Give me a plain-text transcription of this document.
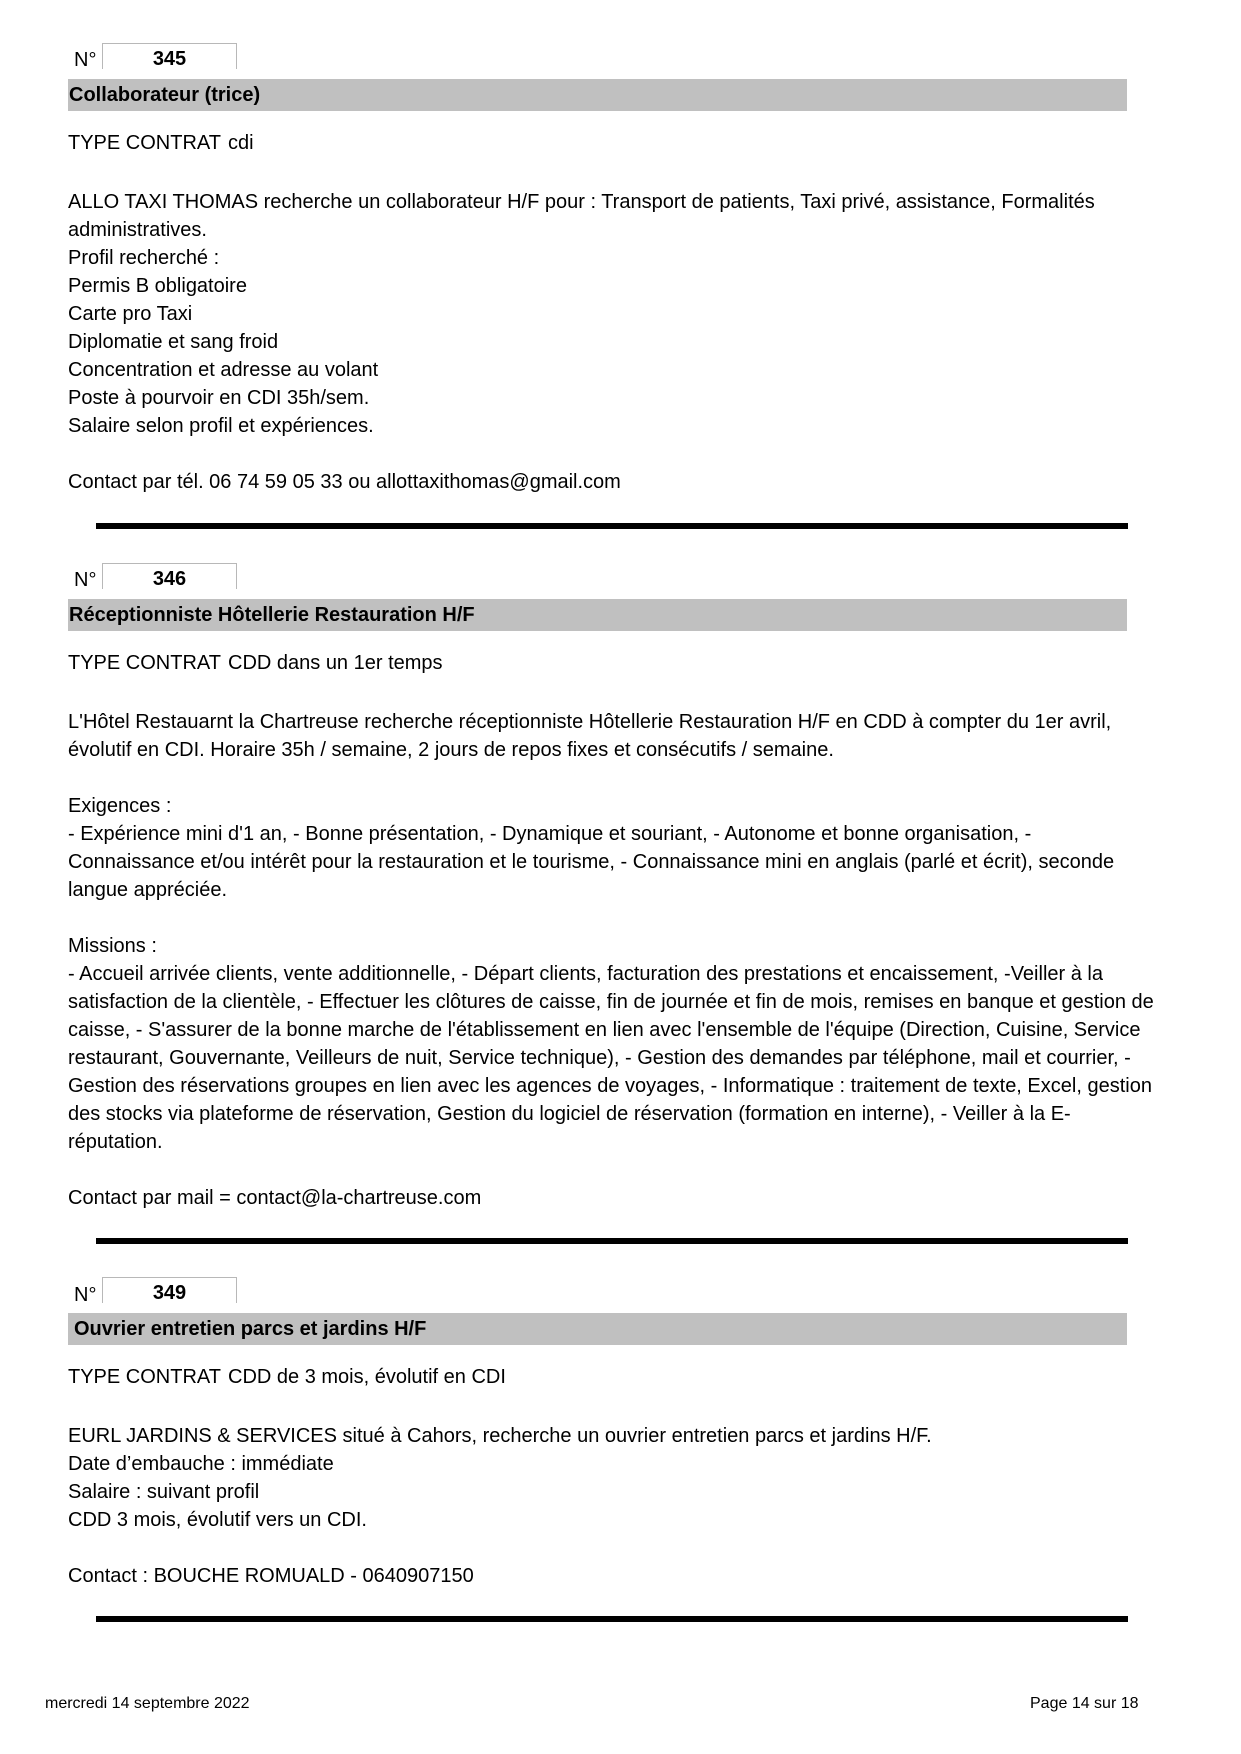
N°	345
Collaborateur (trice)
TYPE CONTRAT cdi

ALLO TAXI THOMAS recherche un collaborateur H/F pour : Transport de patients, Taxi privé, assistance, Formalités administratives.

Profil recherché :

Permis B obligatoire

Carte pro Taxi

Diplomatie et sang froid

Concentration et adresse au volant

Poste à pourvoir en CDI 35h/sem.

Salaire selon profil et expériences.

Contact par tél. 06 74 59 05 33 ou allottaxithomas@gmail.com

N°	346
Réceptionniste Hôtellerie Restauration H/F
TYPE CONTRAT CDD dans un 1er temps

L'Hôtel Restauarnt la Chartreuse recherche réceptionniste Hôtellerie Restauration H/F en CDD à compter du 1er avril, évolutif en CDI. Horaire 35h / semaine, 2 jours de repos fixes et consécutifs / semaine.

Exigences :

- Expérience mini d'1 an, - Bonne présentation, - Dynamique et souriant, - Autonome et bonne organisation, - Connaissance et/ou intérêt pour la restauration et le tourisme, - Connaissance mini en anglais (parlé et écrit), seconde langue appréciée.

Missions :

- Accueil arrivée clients, vente additionnelle, - Départ clients, facturation des prestations et encaissement, -Veiller à la satisfaction de la clientèle, - Effectuer les clôtures de caisse, fin de journée et fin de mois, remises en banque et gestion de caisse, - S'assurer de la bonne marche de l'établissement en lien avec l'ensemble de l'équipe (Direction, Cuisine, Service restaurant, Gouvernante, Veilleurs de nuit, Service technique), - Gestion des demandes par téléphone, mail et courrier, - Gestion des réservations groupes en lien avec les agences de voyages, - Informatique : traitement de texte, Excel, gestion des stocks via plateforme de réservation, Gestion du logiciel de réservation (formation en interne), - Veiller à la E-réputation.

Contact par mail = contact@la-chartreuse.com

N°	349
Ouvrier entretien parcs et jardins H/F
TYPE CONTRAT CDD de 3 mois, évolutif en CDI

EURL JARDINS & SERVICES situé à Cahors, recherche un ouvrier entretien parcs et jardins H/F.

Date d’embauche : immédiate

Salaire : suivant profil

CDD 3 mois, évolutif vers un CDI.

Contact : BOUCHE ROMUALD - 0640907150

mercredi 14 septembre 2022	Page 14 sur 18
